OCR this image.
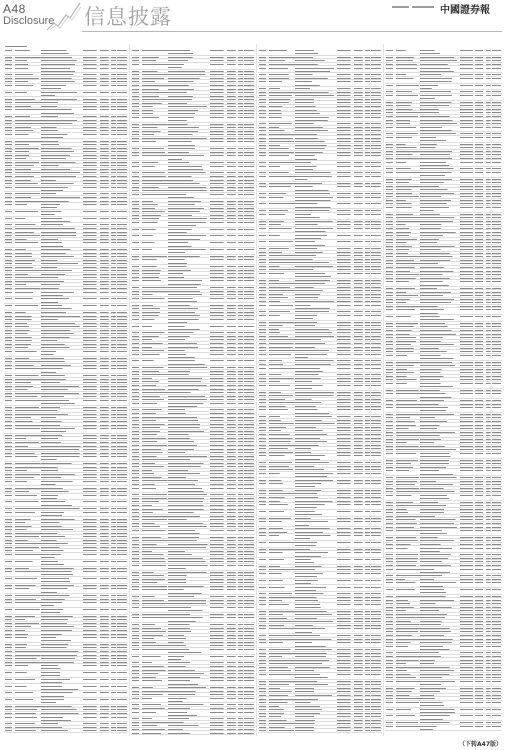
A48
Disclosure 信息披露	中國證券報
（下转A47版）
